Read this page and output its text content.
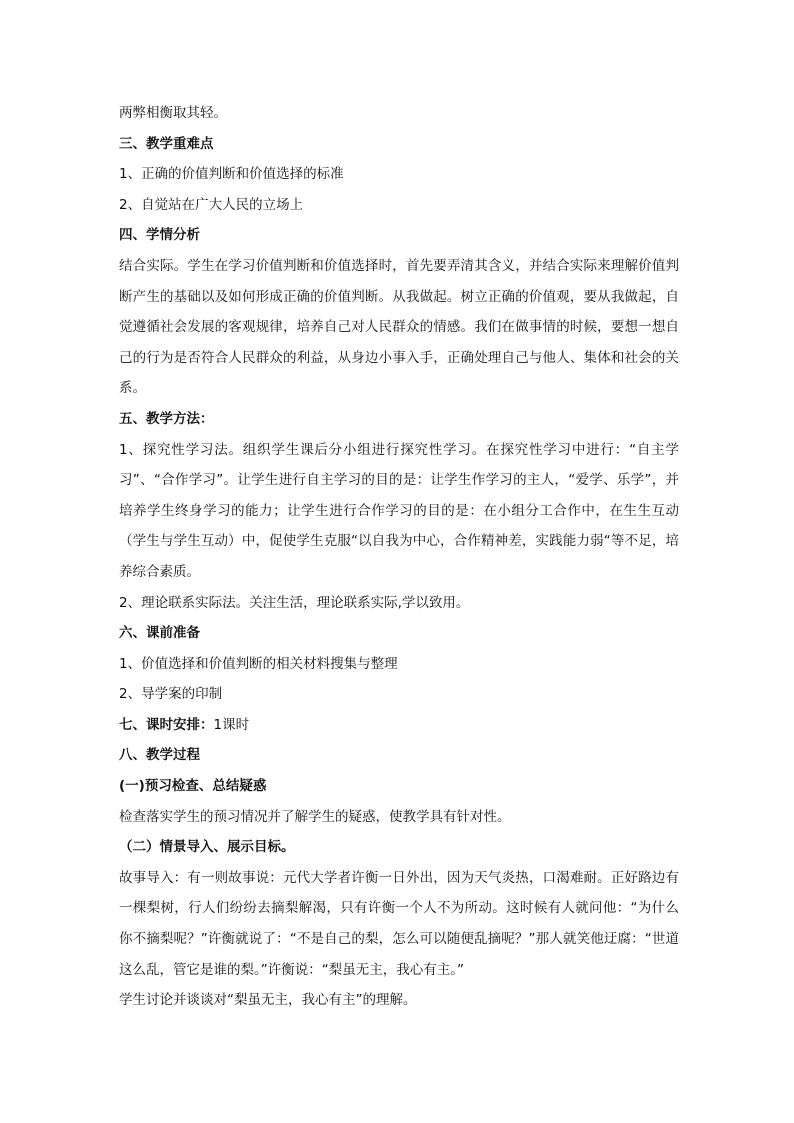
两弊相衡取其轻。
三、教学重难点
1、正确的价值判断和价值选择的标准
2、自觉站在广大人民的立场上
四、学情分析
结合实际。学生在学习价值判断和价值选择时，首先要弄清其含义，并结合实际来理解价值判断产生的基础以及如何形成正确的价值判断。从我做起。树立正确的价值观，要从我做起，自觉遵循社会发展的客观规律，培养自己对人民群众的情感。我们在做事情的时候，要想一想自己的行为是否符合人民群众的利益，从身边小事入手，正确处理自己与他人、集体和社会的关系。
五、教学方法：
1、探究性学习法。组织学生课后分小组进行探究性学习。在探究性学习中进行：“自主学习”、“合作学习”。让学生进行自主学习的目的是：让学生作学习的主人，“爱学、乐学”，并培养学生终身学习的能力；让学生进行合作学习的目的是：在小组分工合作中，在生生互动（学生与学生互动）中，促使学生克服“以自我为中心，合作精神差，实践能力弱“等不足，培养综合素质。
2、理论联系实际法。关注生活，理论联系实际,学以致用。
六、课前准备
1、价值选择和价值判断的相关材料搜集与整理
2、导学案的印制
七、课时安排：1课时
八、教学过程
(一)预习检查、总结疑惑
检查落实学生的预习情况并了解学生的疑惑，使教学具有针对性。
（二）情景导入、展示目标。
故事导入：有一则故事说：元代大学者许衡一日外出，因为天气炎热，口渴难耐。正好路边有一棵梨树，行人们纷纷去摘梨解渴，只有许衡一个人不为所动。这时候有人就问他：“为什么你不摘梨呢？”许衡就说了：“不是自己的梨，怎么可以随便乱摘呢？”那人就笑他迂腐：“世道这么乱，管它是谁的梨。”许衡说：“梨虽无主，我心有主。”
学生讨论并谈谈对“梨虽无主，我心有主”的理解。
